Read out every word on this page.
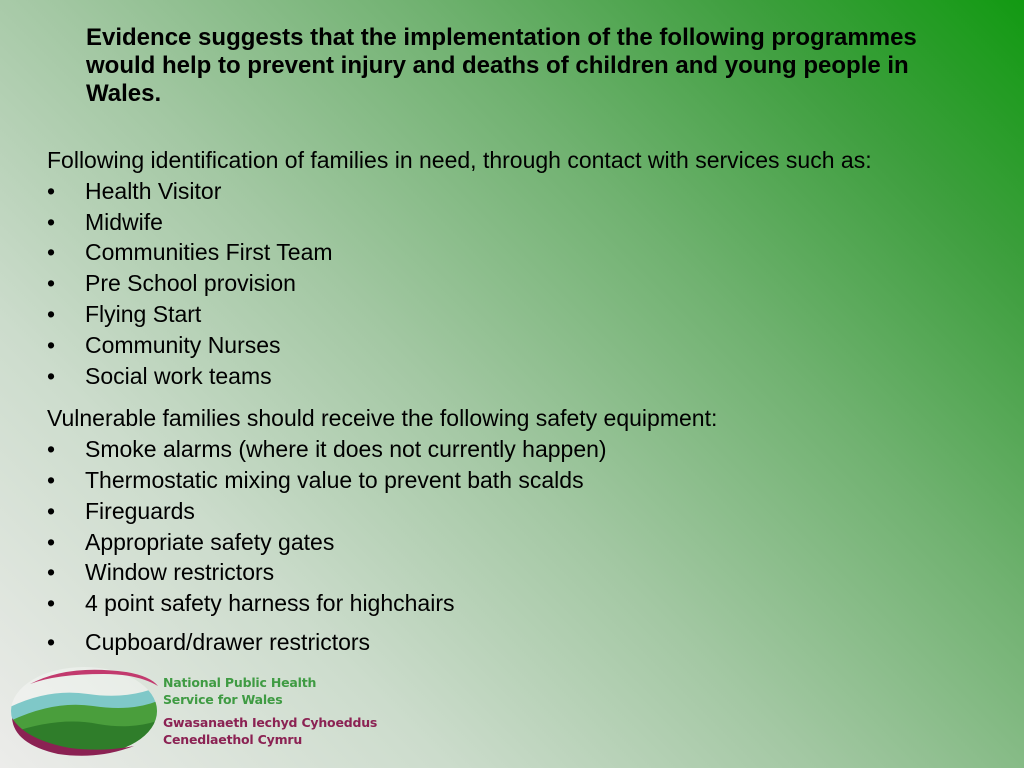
Evidence suggests that the implementation of the following programmes would help to prevent injury and deaths of children and young people in Wales.

Following identification of families in need, through contact with services such as:

• Health Visitor
• Midwife
• Communities First Team
• Pre School provision
• Flying Start
• Community Nurses
• Social work teams

Vulnerable families should receive the following safety equipment:

• Smoke alarms (where it does not currently happen)
• Thermostatic mixing value to prevent bath scalds
• Fireguards
• Appropriate safety gates
• Window restrictors
• 4 point safety harness for highchairs
• Cupboard/drawer restrictors

National Public Health
Service for Wales

Gwasanaeth Iechyd Cyhoeddus
Cenedlaethol Cymru
